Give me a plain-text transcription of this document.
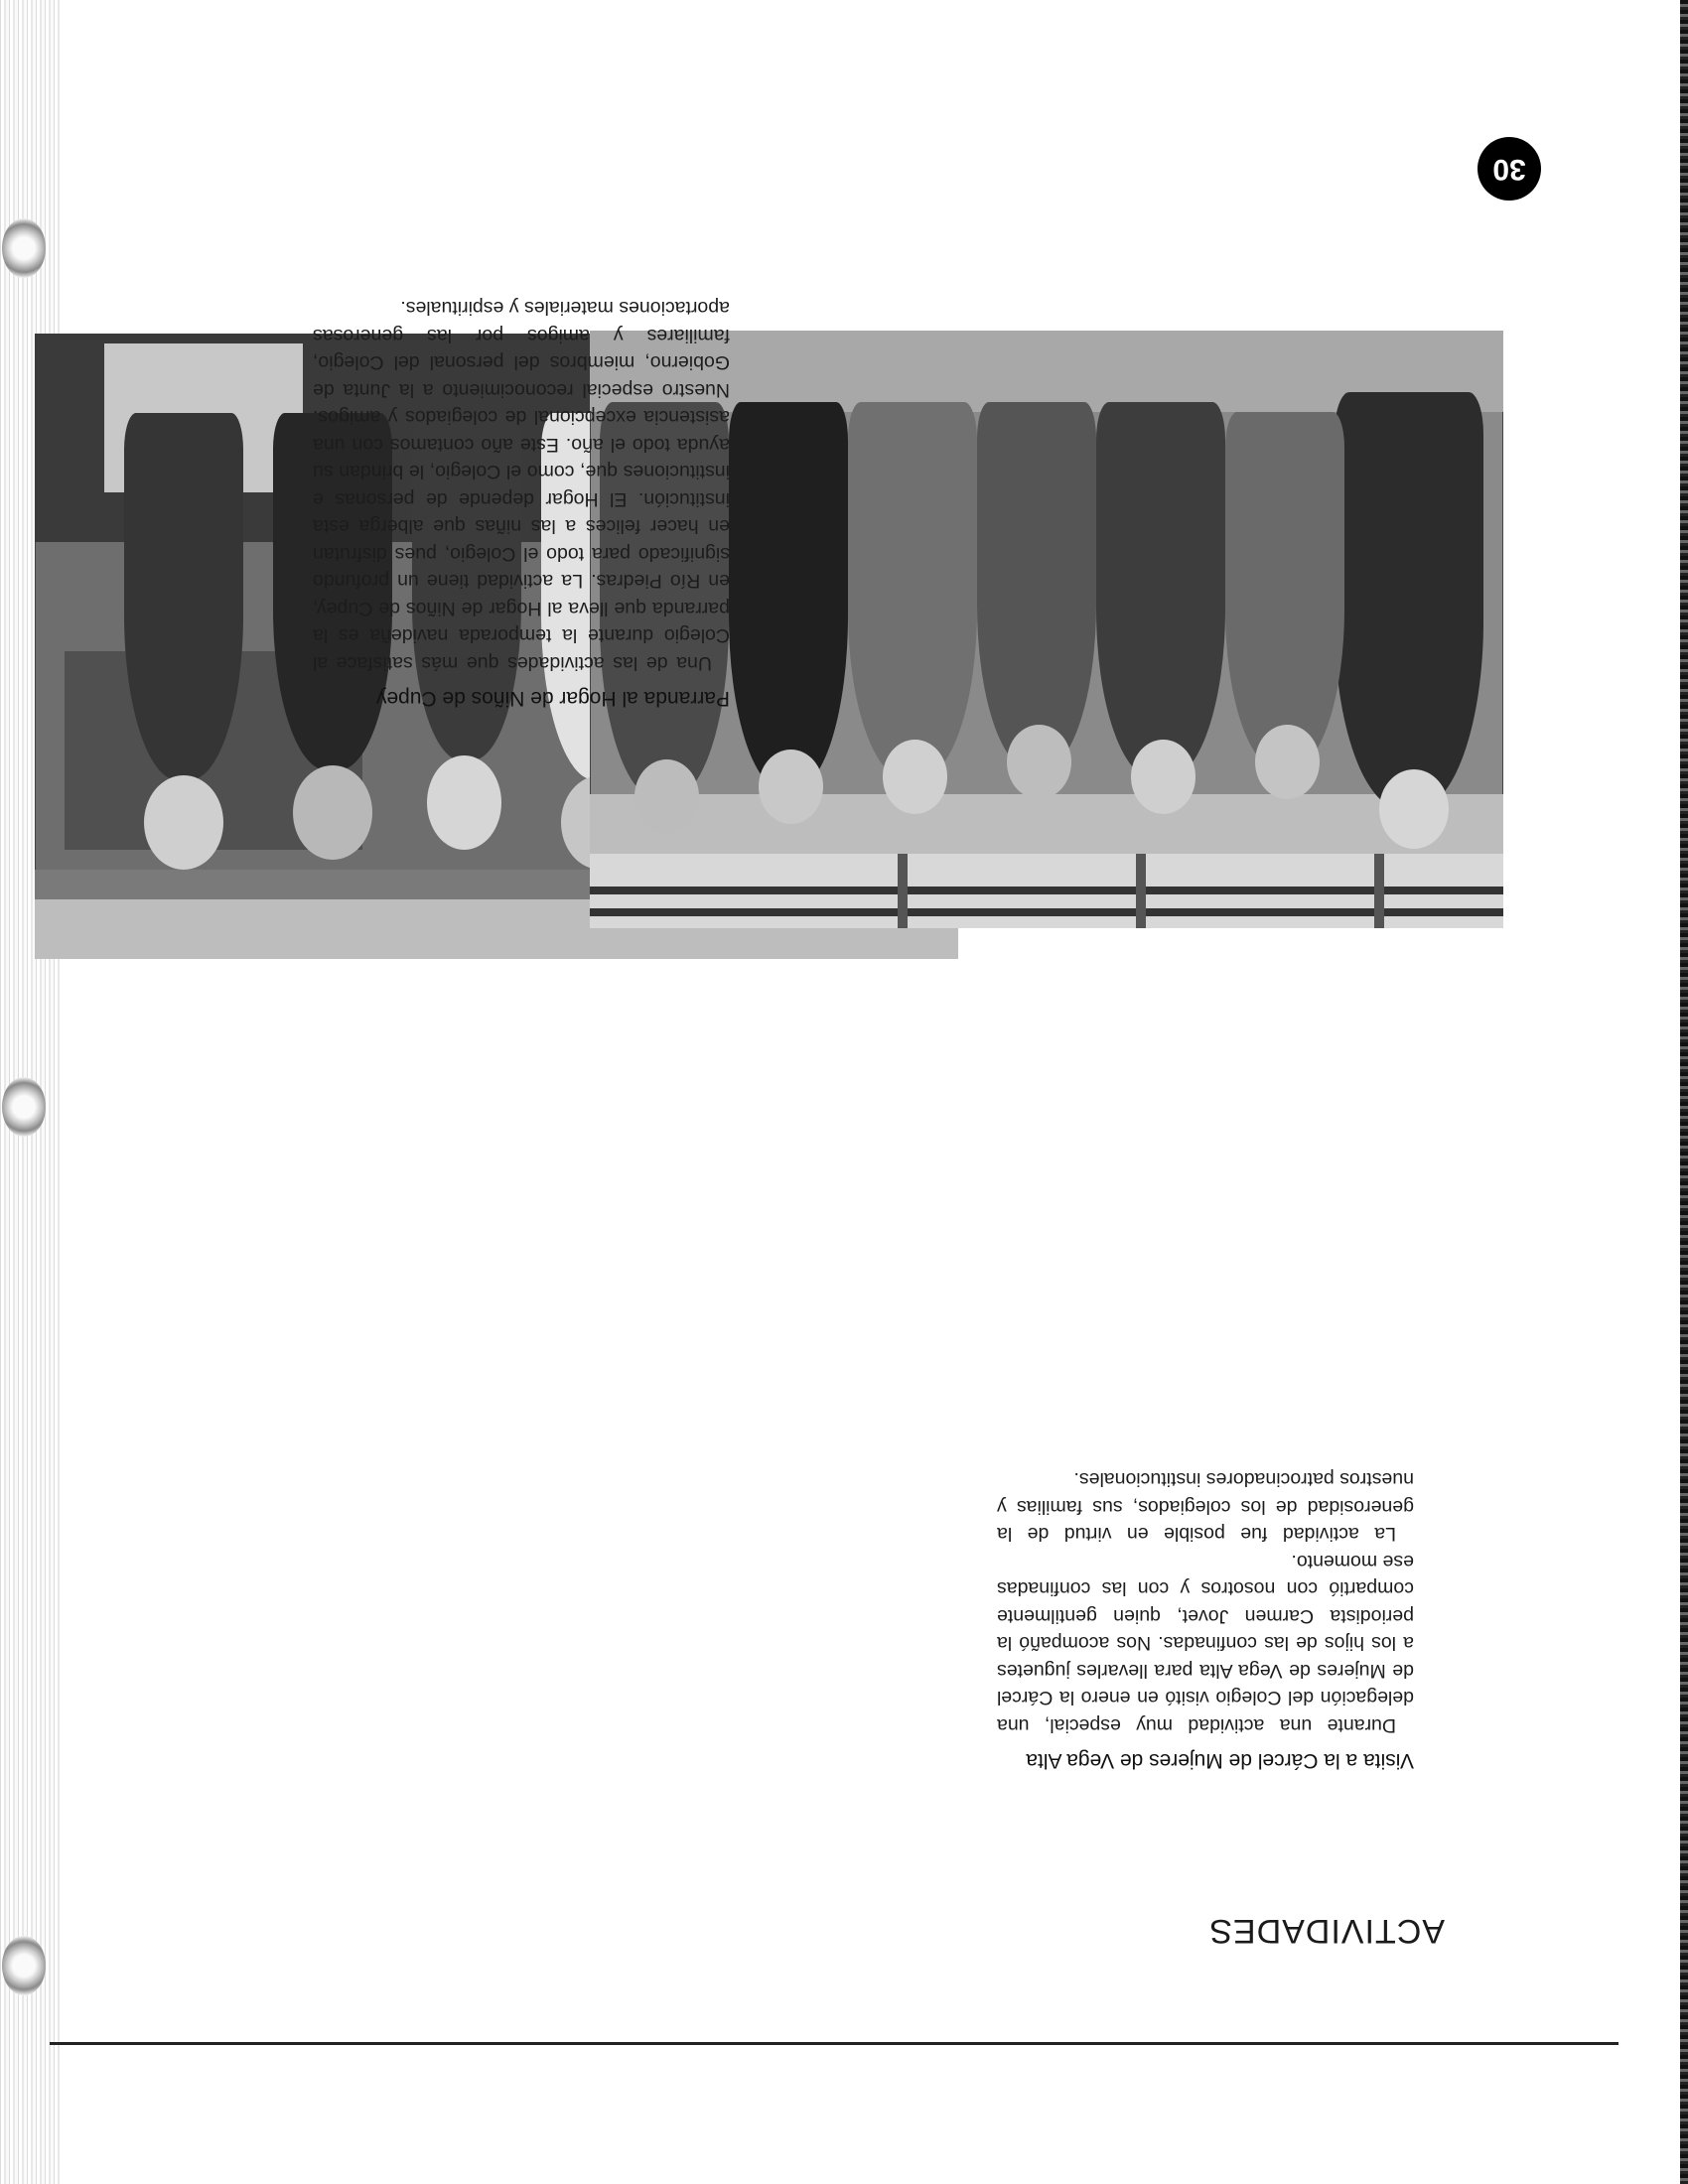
ACTIVIDADES
30
Visita a la Cárcel de Mujeres de Vega Alta

Durante una actividad muy especial, una delegación del Colegio visitó en enero la Cárcel de Mujeres de Vega Alta para llevarles juguetes a los hijos de las confinadas. Nos acompañó la periodista Carmen Jovet, quien gentilmente compartió con nosotros y con las confinadas ese momento.

La actividad fue posible en virtud de la generosidad de los colegiados, sus familias y nuestros patrocinadores institucionales.

Parranda al Hogar de Niños de Cupey

Una de las actividades que más satisface al Colegio durante la temporada navideña es la parranda que lleva al Hogar de Niños de Cupey, en Río Piedras. La actividad tiene un profundo significado para todo el Colegio, pues disfrutan en hacer felices a las niñas que alberga esta institución. El Hogar depende de personas e instituciones que, como el Colegio, le brindan su ayuda todo el año. Este año contamos con una asistencia excepcional de colegiados y amigos. Nuestro especial reconocimiento a la Junta de Gobierno, miembros del personal del Colegio, familiares y amigos por las generosas aportaciones materiales y espirituales.
